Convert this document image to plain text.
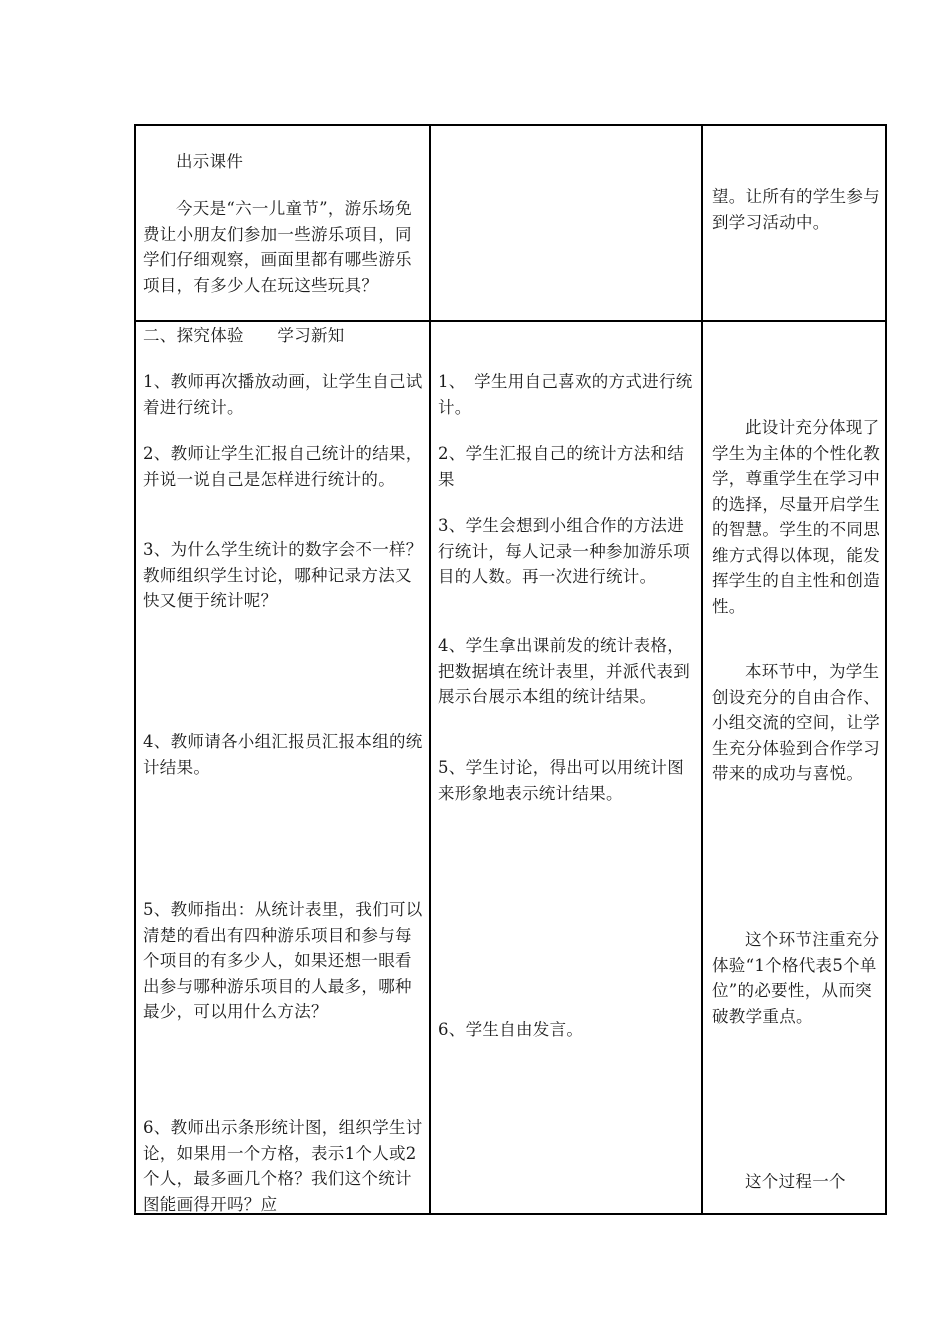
出示课件
今天是“六一儿童节”，游乐场免费让小朋友们参加一些游乐项目，同学们仔细观察，画面里都有哪些游乐项目，有多少人在玩这些玩具？
望。让所有的学生参与到学习活动中。
二、探究体验　　学习新知
1、教师再次播放动画，让学生自己试着进行统计。
2、教师让学生汇报自己统计的结果，并说一说自己是怎样进行统计的。
3、为什么学生统计的数字会不一样？教师组织学生讨论，哪种记录方法又快又便于统计呢？
4、教师请各小组汇报员汇报本组的统计结果。
5、教师指出：从统计表里，我们可以清楚的看出有四种游乐项目和参与每个项目的有多少人，如果还想一眼看出参与哪种游乐项目的人最多，哪种最少，可以用什么方法？
6、教师出示条形统计图，组织学生讨论，如果用一个方格，表示1个人或2个人，最多画几个格？我们这个统计图能画得开吗？应
1、　学生用自己喜欢的方式进行统计。
2、学生汇报自己的统计方法和结果
3、学生会想到小组合作的方法进行统计，每人记录一种参加游乐项目的人数。再一次进行统计。
4、学生拿出课前发的统计表格，把数据填在统计表里，并派代表到展示台展示本组的统计结果。
5、学生讨论，得出可以用统计图来形象地表示统计结果。
6、学生自由发言。
此设计充分体现了学生为主体的个性化教学，尊重学生在学习中的选择，尽量开启学生的智慧。学生的不同思维方式得以体现，能发挥学生的自主性和创造性。
本环节中，为学生创设充分的自由合作、小组交流的空间，让学生充分体验到合作学习带来的成功与喜悦。
这个环节注重充分体验“1个格代表5个单位”的必要性，从而突破教学重点。
这个过程一个
